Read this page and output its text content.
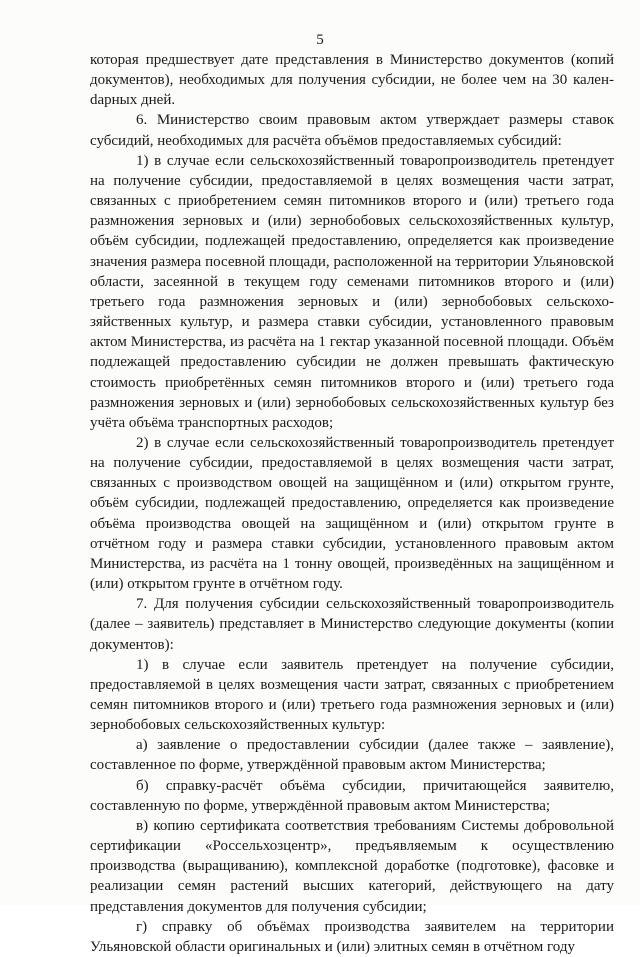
5

которая предшествует дате представления в Министерство документов (копий документов), необходимых для получения субсидии, не более чем на 30 каленdарных дней.

6. Министерство своим правовым актом утверждает размеры ставок субсидий, необходимых для расчёта объёмов предоставляемых субсидий:

1) в случае если сельскохозяйственный товаропроизводитель претендует на получение субсидии, предоставляемой в целях возмещения части затрат, связанных с приобретением семян питомников второго и (или) третьего года размножения зерновых и (или) зернобобовых сельскохозяйственных культур, объём субсидии, подлежащей предоставлению, определяется как произведение значения размера посевной площади, расположенной на территории Ульяновской области, засеянной в текущем году семенами питомников второго и (или) третьего года размножения зерновых и (или) зернобобовых сельскохозяйственных культур, и размера ставки субсидии, установленного правовым актом Министерства, из расчёта на 1 гектар указанной посевной площади. Объём подлежащей предоставлению субсидии не должен превышать фактическую стоимость приобретённых семян питомников второго и (или) третьего года размножения зерновых и (или) зернобобовых сельскохозяйственных культур без учёта объёма транспортных расходов;

2) в случае если сельскохозяйственный товаропроизводитель претендует на получение субсидии, предоставляемой в целях возмещения части затрат, связанных с производством овощей на защищённом и (или) открытом грунте, объём субсидии, подлежащей предоставлению, определяется как произведение объёма производства овощей на защищённом и (или) открытом грунте в отчётном году и размера ставки субсидии, установленного правовым актом Министерства, из расчёта на 1 тонну овощей, произведённых на защищённом и (или) открытом грунте в отчётном году.

7. Для получения субсидии сельскохозяйственный товаропроизводитель (далее – заявитель) представляет в Министерство следующие документы (копии документов):

1) в случае если заявитель претендует на получение субсидии, предоставляемой в целях возмещения части затрат, связанных с приобретением семян питомников второго и (или) третьего года размножения зерновых и (или) зернобобовых сельскохозяйственных культур:

а) заявление о предоставлении субсидии (далее также – заявление), составленное по форме, утверждённой правовым актом Министерства;

б) справку-расчёт объёма субсидии, причитающейся заявителю, составленную по форме, утверждённой правовым актом Министерства;

в) копию сертификата соответствия требованиям Системы добровольной сертификации «Россельхозцентр», предъявляемым к осуществлению производства (выращиванию), комплексной доработке (подготовке), фасовке и реализации семян растений высших категорий, действующего на дату представления документов для получения субсидии;

г) справку об объёмах производства заявителем на территории Ульяновской области оригинальных и (или) элитных семян в отчётном году
